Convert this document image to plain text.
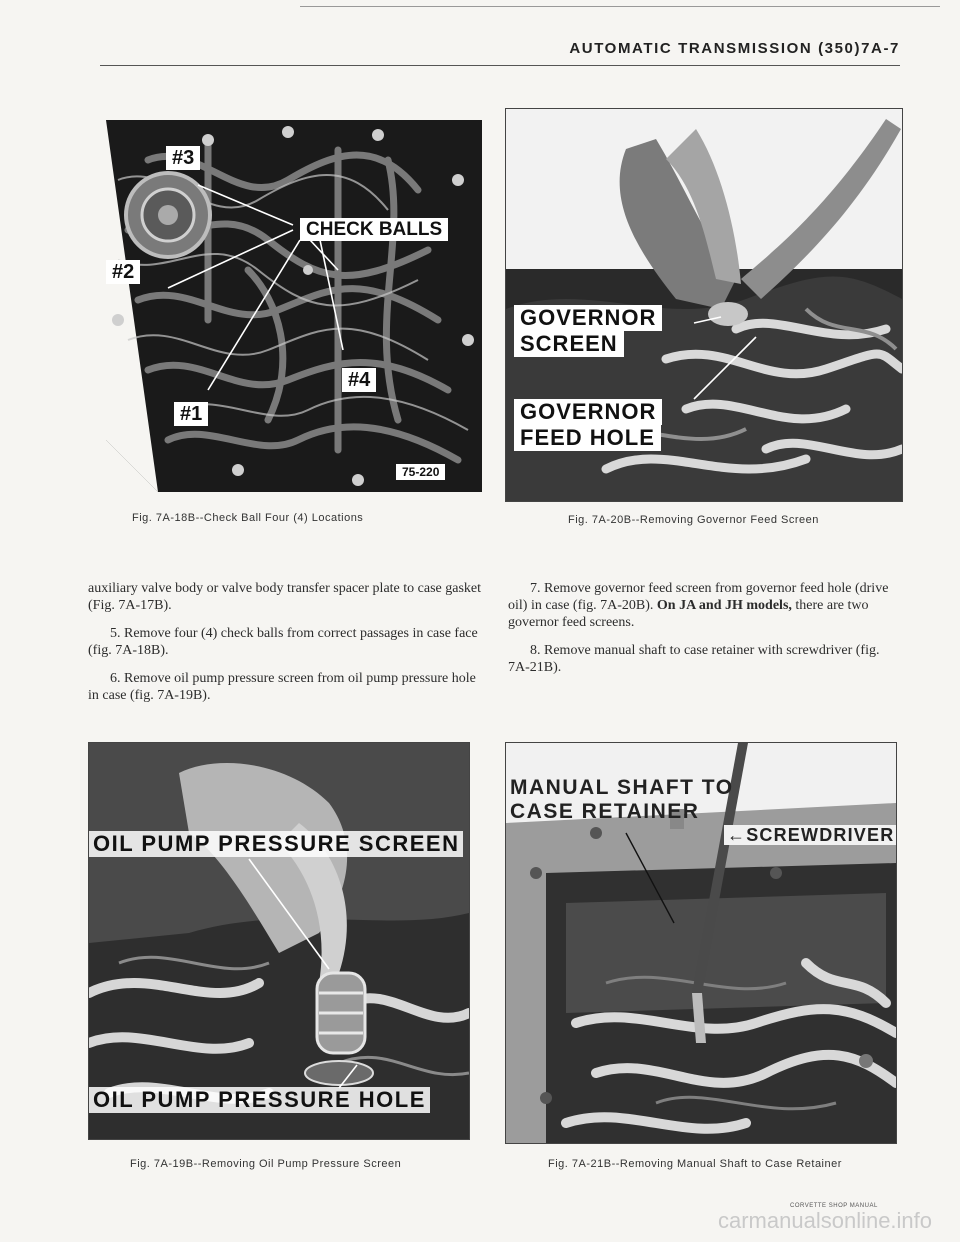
AUTOMATIC TRANSMISSION (350)7A-7
#3
CHECK BALLS
#2
#4
#1
75-220
Fig. 7A-18B--Check Ball Four (4) Locations
GOVERNOR
SCREEN
GOVERNOR
FEED HOLE
Fig. 7A-20B--Removing Governor Feed Screen

auxiliary valve body or valve body transfer spacer plate to case gasket (Fig. 7A-17B).

5. Remove four (4) check balls from correct passages in case face (fig. 7A-18B).

6. Remove oil pump pressure screen from oil pump pressure hole in case (fig. 7A-19B).

7. Remove governor feed screen from governor feed hole (drive oil) in case (fig. 7A-20B). On JA and JH models, there are two governor feed screens.

8. Remove manual shaft to case retainer with screwdriver (fig. 7A-21B).

OIL PUMP PRESSURE SCREEN
OIL PUMP PRESSURE HOLE
Fig. 7A-19B--Removing Oil Pump Pressure Screen
MANUAL SHAFT TO
CASE RETAINER
←SCREWDRIVER
Fig. 7A-21B--Removing Manual Shaft to Case Retainer
CORVETTE SHOP MANUAL
carmanualsonline.info
